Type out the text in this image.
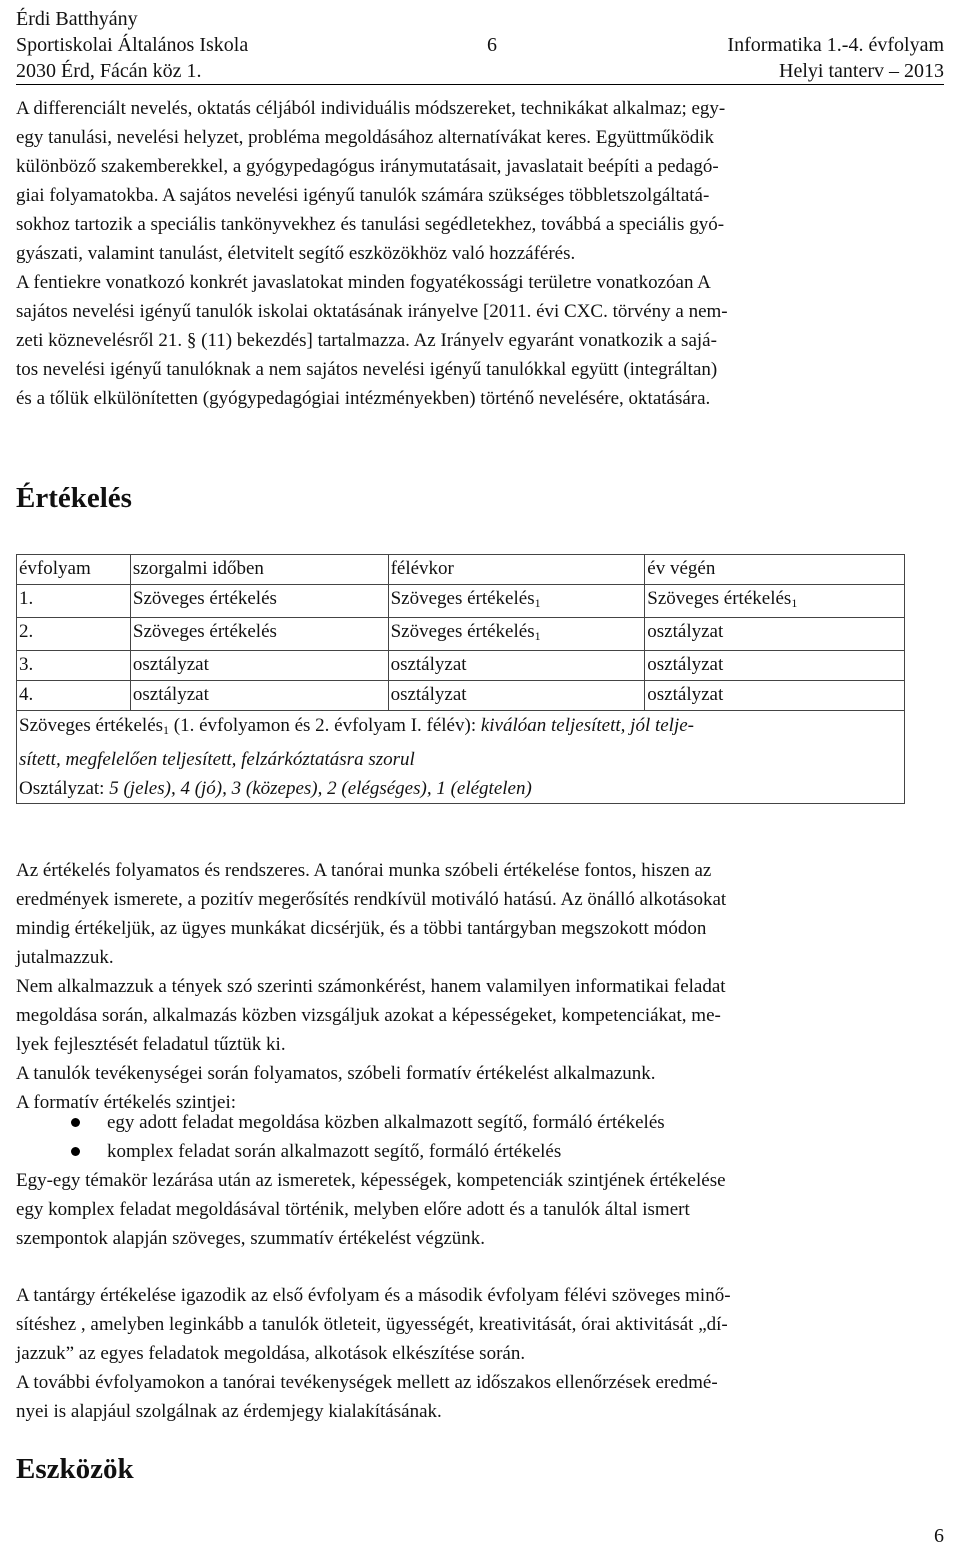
Érdi Batthyány
Sportiskolai Általános Iskola	6	Informatika 1.-4. évfolyam
2030 Érd, Fácán köz 1.	Helyi tanterv – 2013
A differenciált nevelés, oktatás céljából individuális módszereket, technikákat alkalmaz; egy-
egy tanulási, nevelési helyzet, probléma megoldásához alternatívákat keres. Együttműködik
különböző szakemberekkel, a gyógypedagógus iránymutatásait, javaslatait beépíti a pedagó-
giai folyamatokba. A sajátos nevelési igényű tanulók számára szükséges többletszolgáltatá-
sokhoz tartozik a speciális tankönyvekhez és tanulási segédletekhez, továbbá a speciális gyó-
gyászati, valamint tanulást, életvitelt segítő eszközökhöz való hozzáférés.
A fentiekre vonatkozó konkrét javaslatokat minden fogyatékossági területre vonatkozóan A
sajátos nevelési igényű tanulók iskolai oktatásának irányelve [2011. évi CXC. törvény a nem-
zeti köznevelésről 21. § (11) bekezdés] tartalmazza. Az Irányelv egyaránt vonatkozik a sajá-
tos nevelési igényű tanulóknak a nem sajátos nevelési igényű tanulókkal együtt (integráltan)
és a tőlük elkülönítetten (gyógypedagógiai intézményekben) történő nevelésére, oktatására.
Értékelés
évfolyam	szorgalmi időben	félévkor	év végén
1.	Szöveges értékelés	Szöveges értékelés$_1$	Szöveges értékelés$_1$
2.	Szöveges értékelés	Szöveges értékelés$_1$	osztályzat
3.	osztályzat	osztályzat	osztályzat
4.	osztályzat	osztályzat	osztályzat

Szöveges értékelés$_1$ (1. évfolyamon és 2. évfolyam I. félév): kiválóan teljesített, jól telje-
sített, megfelelően teljesített, felzárkóztatásra szorul
Osztályzat: 5 (jeles), 4 (jó), 3 (közepes), 2 (elégséges), 1 (elégtelen)			
Az értékelés folyamatos és rendszeres. A tanórai munka szóbeli értékelése fontos, hiszen az
eredmények ismerete, a pozitív megerősítés rendkívül motiváló hatású. Az önálló alkotásokat
mindig értékeljük, az ügyes munkákat dicsérjük, és a többi tantárgyban megszokott módon
jutalmazzuk.
Nem alkalmazzuk a tények szó szerinti számonkérést, hanem valamilyen informatikai feladat
megoldása során, alkalmazás közben vizsgáljuk azokat a képességeket, kompetenciákat, me-
lyek fejlesztését feladatul tűztük ki.
A tanulók tevékenységei során folyamatos, szóbeli formatív értékelést alkalmazunk.
A formatív értékelés szintjei:
egy adott feladat megoldása közben alkalmazott segítő, formáló értékelés
komplex feladat során alkalmazott segítő, formáló értékelés
Egy-egy témakör lezárása után az ismeretek, képességek, kompetenciák szintjének értékelése
egy komplex feladat megoldásával történik, melyben előre adott és a tanulók által ismert
szempontok alapján szöveges, szummatív értékelést végzünk.
A tantárgy értékelése igazodik az első évfolyam és a második évfolyam félévi szöveges minő-
sítéshez , amelyben leginkább a tanulók ötleteit, ügyességét, kreativitását, órai aktivitását „dí-
jazzuk” az egyes feladatok megoldása, alkotások elkészítése során.
A további évfolyamokon a tanórai tevékenységek mellett az időszakos ellenőrzések eredmé-
nyei is alapjául szolgálnak az érdemjegy kialakításának.
Eszközök
6
